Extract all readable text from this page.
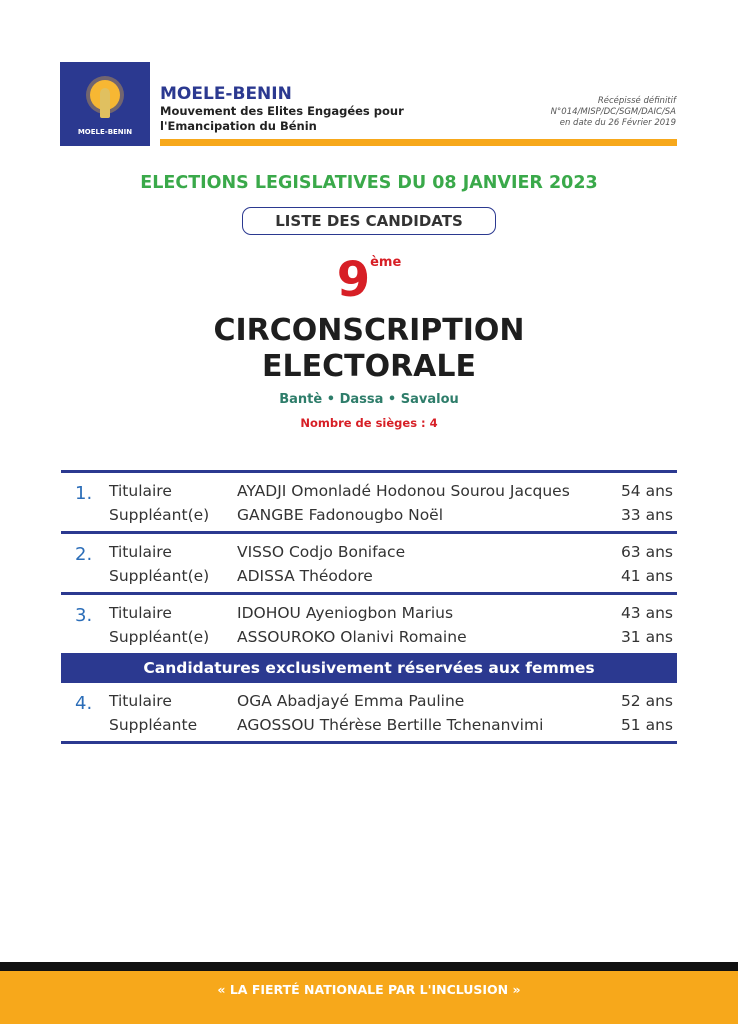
MOELE-BENIN
MOELE-BENIN
Mouvement des Elites Engagées pour
l'Emancipation du Bénin
Récépissé définitif
N°014/MISP/DC/SGM/DAIC/SA
en date du 26 Février 2019
ELECTIONS LEGISLATIVES DU 08 JANVIER 2023
LISTE DES CANDIDATS
9ème
CIRCONSCRIPTION
ELECTORALE
Bantè • Dassa • Savalou
Nombre de sièges : 4
1. Titulaire	AYADJI Omonladé Hodonou Sourou Jacques	54 ans
Suppléant(e)	GANGBE Fadonougbo Noël	33 ans
2. Titulaire	VISSO Codjo Boniface	63 ans
Suppléant(e)	ADISSA Théodore	41 ans
3. Titulaire	IDOHOU Ayeniogbon Marius	43 ans
Suppléant(e)	ASSOUROKO Olanivi Romaine	31 ans
Candidatures exclusivement réservées aux femmes
4. Titulaire	OGA Abadjayé Emma Pauline	52 ans
Suppléante	AGOSSOU Thérèse Bertille Tchenanvimi	51 ans
« LA FIERTÉ NATIONALE PAR L'INCLUSION »
